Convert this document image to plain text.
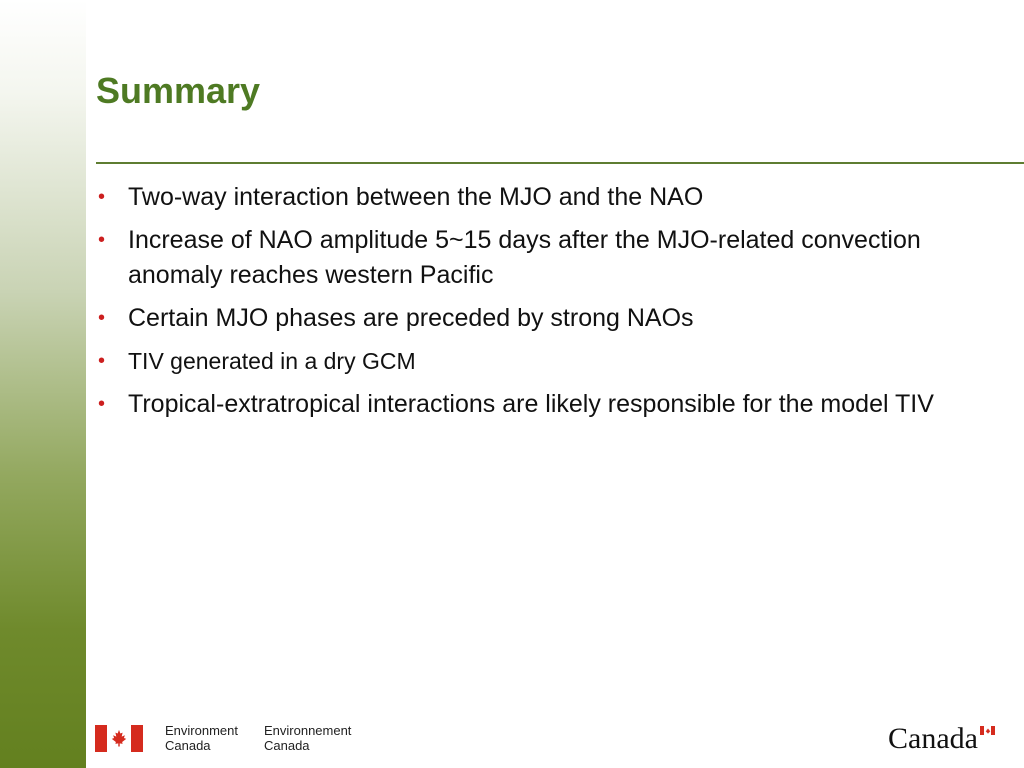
Summary
• Two-way interaction between the MJO and the NAO
• Increase of NAO amplitude 5~15 days after the MJO-related convection anomaly reaches western Pacific
• Certain MJO phases are preceded by strong NAOs
• TIV generated in a dry GCM
• Tropical-extratropical interactions are likely responsible for the model TIV
Environment
Canada
Environnement
Canada	Canada
